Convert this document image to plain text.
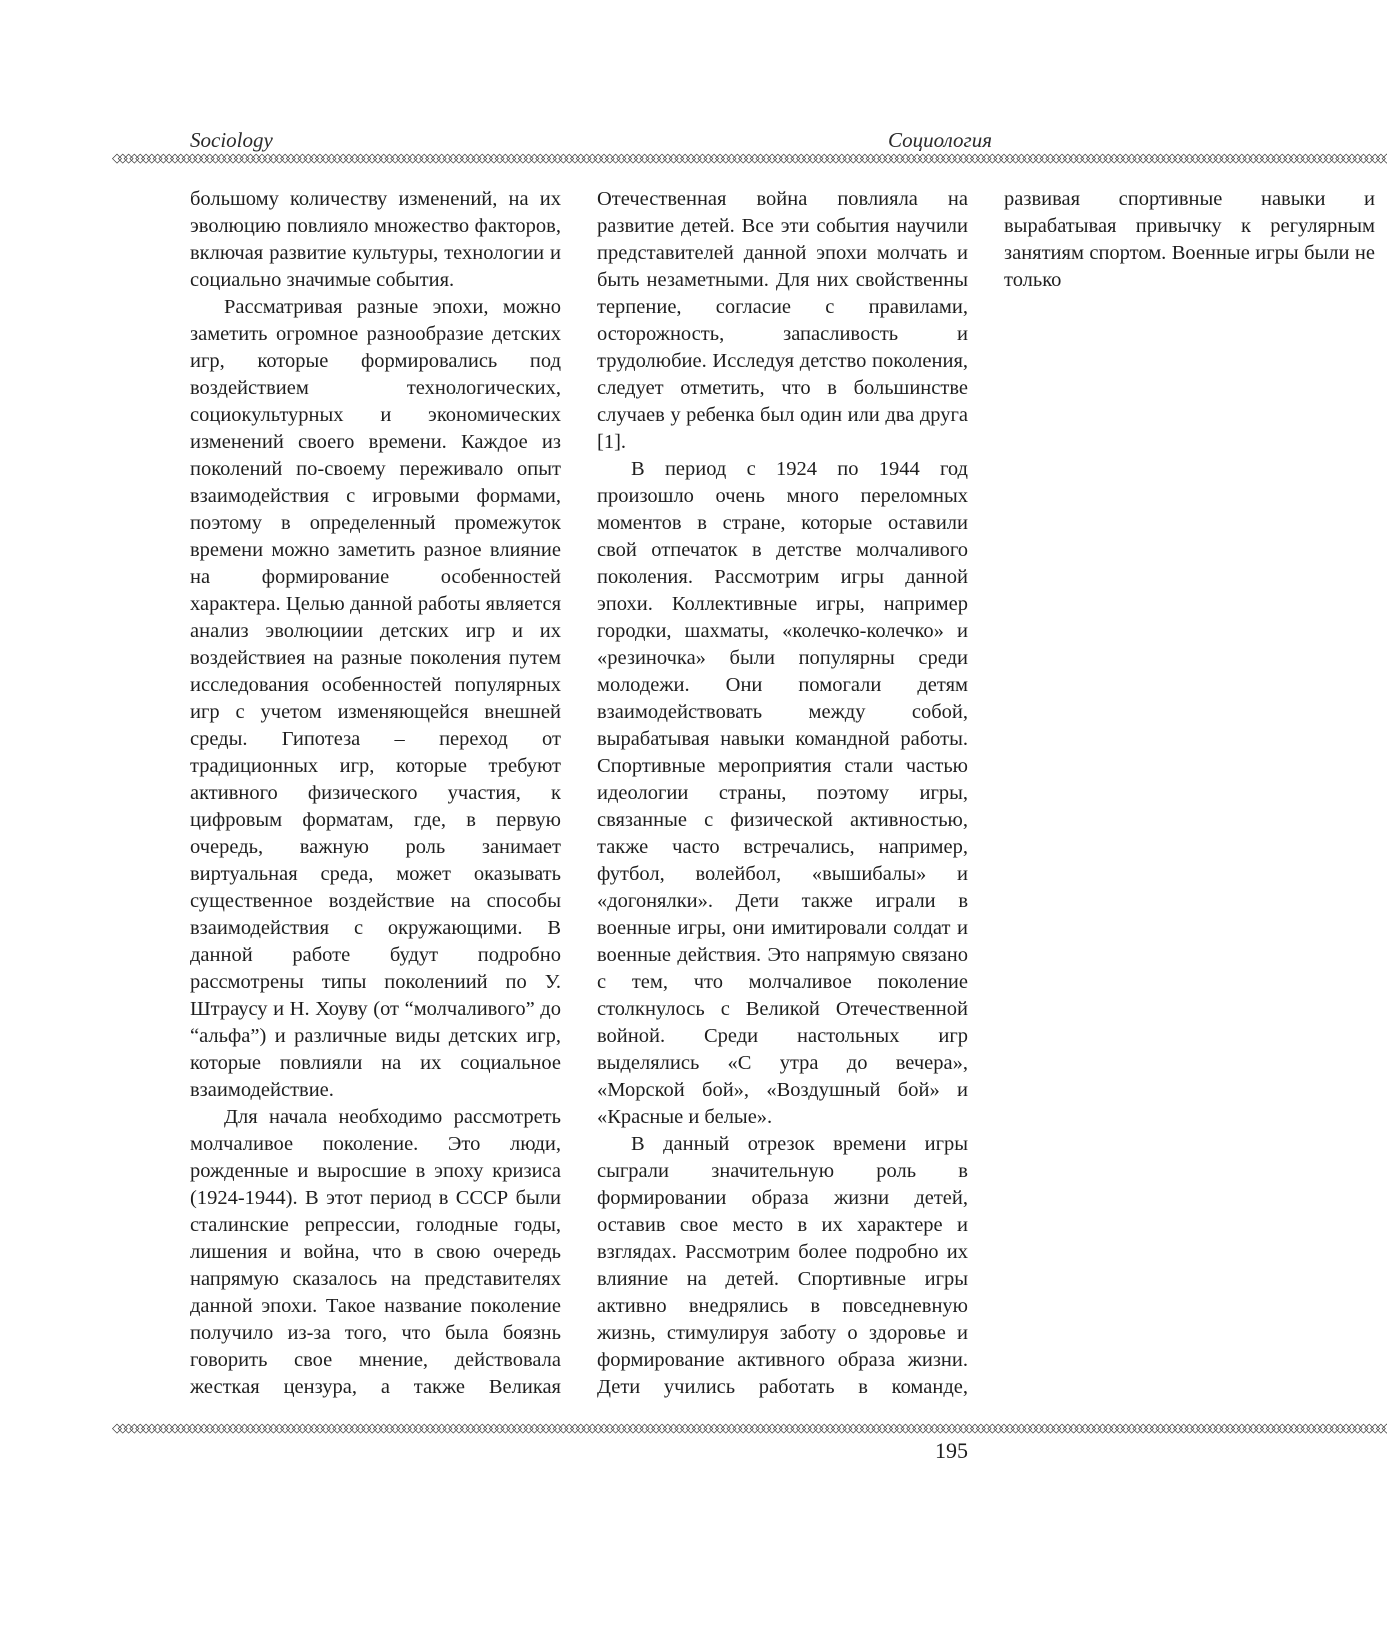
Sociology	Социология
◇◇◇◇◇◇◇◇◇◇◇◇◇◇◇◇◇◇◇◇◇◇◇◇◇◇◇◇◇◇◇◇◇◇◇◇◇◇◇◇◇◇◇◇◇◇◇◇◇◇◇◇◇◇◇◇◇◇◇◇◇◇◇◇◇◇◇◇◇◇◇◇◇◇◇◇◇◇◇◇◇◇◇◇◇◇◇◇◇◇◇◇◇◇◇◇◇◇◇◇◇◇◇◇◇◇◇◇◇◇◇◇◇◇◇◇◇◇◇◇◇◇◇◇◇◇◇◇◇◇◇◇◇◇◇◇◇◇◇◇◇◇◇◇◇◇◇◇◇◇◇◇◇◇◇◇◇◇◇◇◇◇◇◇◇◇◇◇◇◇◇◇◇◇◇◇◇◇◇◇◇◇◇◇◇◇◇◇◇◇◇◇◇◇◇◇◇◇◇◇◇◇◇◇◇◇◇◇◇◇◇◇◇◇◇◇◇◇◇◇

большому количеству изменений, на их эволюцию повлияло множество факторов, включая развитие культуры, технологии и социально значимые события.

Рассматривая разные эпохи, можно заметить огромное разнообразие детских игр, которые формировались под воздействием технологических, социокультурных и экономических изменений своего времени. Каждое из поколений по-своему переживало опыт взаимодействия с игровыми формами, поэтому в определенный промежуток времени можно заметить разное влияние на формирование особенностей характера. Целью данной работы является анализ эволюциии детских игр и их воздействиея на разные поколения путем исследования особенностей популярных игр с учетом изменяющейся внешней среды. Гипотеза – переход от традиционных игр, которые требуют активного физического участия, к цифровым форматам, где, в первую очередь, важную роль занимает виртуальная среда, может оказывать существенное воздействие на способы взаимодействия с окружающими. В данной работе будут подробно рассмотрены типы поколениий по У. Штраусу и Н. Хоуву (от “молчаливого” до “альфа”) и различные виды детских игр, которые повлияли на их социальное взаимодействие.

Для начала необходимо рассмотреть молчаливое поколение. Это люди, рожденные и выросшие в эпоху кризиса (1924-1944). В этот период в СССР были сталинские репрессии, голодные годы, лишения и война, что в свою очередь напрямую сказалось на представителях данной эпохи. Такое название поколение получило из-за того, что была боязнь говорить свое мнение, действовала жесткая цензура, а также Великая Отечественная война повлияла на развитие детей. Все эти события научили представителей данной эпохи молчать и быть незаметными. Для них свойственны терпение, согласие с правилами, осторожность, запасливость и трудолюбие. Исследуя детство поколения, следует отметить, что в большинстве случаев у ребенка был один или два друга [1].

В период с 1924 по 1944 год произошло очень много переломных моментов в стране, которые оставили свой отпечаток в детстве молчаливого поколения. Рассмотрим игры данной эпохи. Коллективные игры, например городки, шахматы, «колечко-колечко» и «резиночка» были популярны среди молодежи. Они помогали детям взаимодействовать между собой, вырабатывая навыки командной работы. Спортивные мероприятия стали частью идеологии страны, поэтому игры, связанные с физической активностью, также часто встречались, например, футбол, волейбол, «вышибалы» и «догонялки». Дети также играли в военные игры, они имитировали солдат и военные действия. Это напрямую связано с тем, что молчаливое поколение столкнулось с Великой Отечественной войной. Среди настольных игр выделялись «С утра до вечера», «Морской бой», «Воздушный бой» и «Красные и белые».

В данный отрезок времени игры сыграли значительную роль в формировании образа жизни детей, оставив свое место в их характере и взглядах. Рассмотрим более подробно их влияние на детей. Спортивные игры активно внедрялись в повседневную жизнь, стимулируя заботу о здоровье и формирование активного образа жизни. Дети учились работать в команде, развивая спортивные навыки и вырабатывая привычку к регулярным занятиям спортом. Военные игры были не только

◇◇◇◇◇◇◇◇◇◇◇◇◇◇◇◇◇◇◇◇◇◇◇◇◇◇◇◇◇◇◇◇◇◇◇◇◇◇◇◇◇◇◇◇◇◇◇◇◇◇◇◇◇◇◇◇◇◇◇◇◇◇◇◇◇◇◇◇◇◇◇◇◇◇◇◇◇◇◇◇◇◇◇◇◇◇◇◇◇◇◇◇◇◇◇◇◇◇◇◇◇◇◇◇◇◇◇◇◇◇◇◇◇◇◇◇◇◇◇◇◇◇◇◇◇◇◇◇◇◇◇◇◇◇◇◇◇◇◇◇◇◇◇◇◇◇◇◇◇◇◇◇◇◇◇◇◇◇◇◇◇◇◇◇◇◇◇◇◇◇◇◇◇◇◇◇◇◇◇◇◇◇◇◇◇◇◇◇◇◇◇◇◇◇◇◇◇◇◇◇◇◇◇◇◇◇◇◇◇◇◇◇◇◇◇◇◇◇◇◇
195
